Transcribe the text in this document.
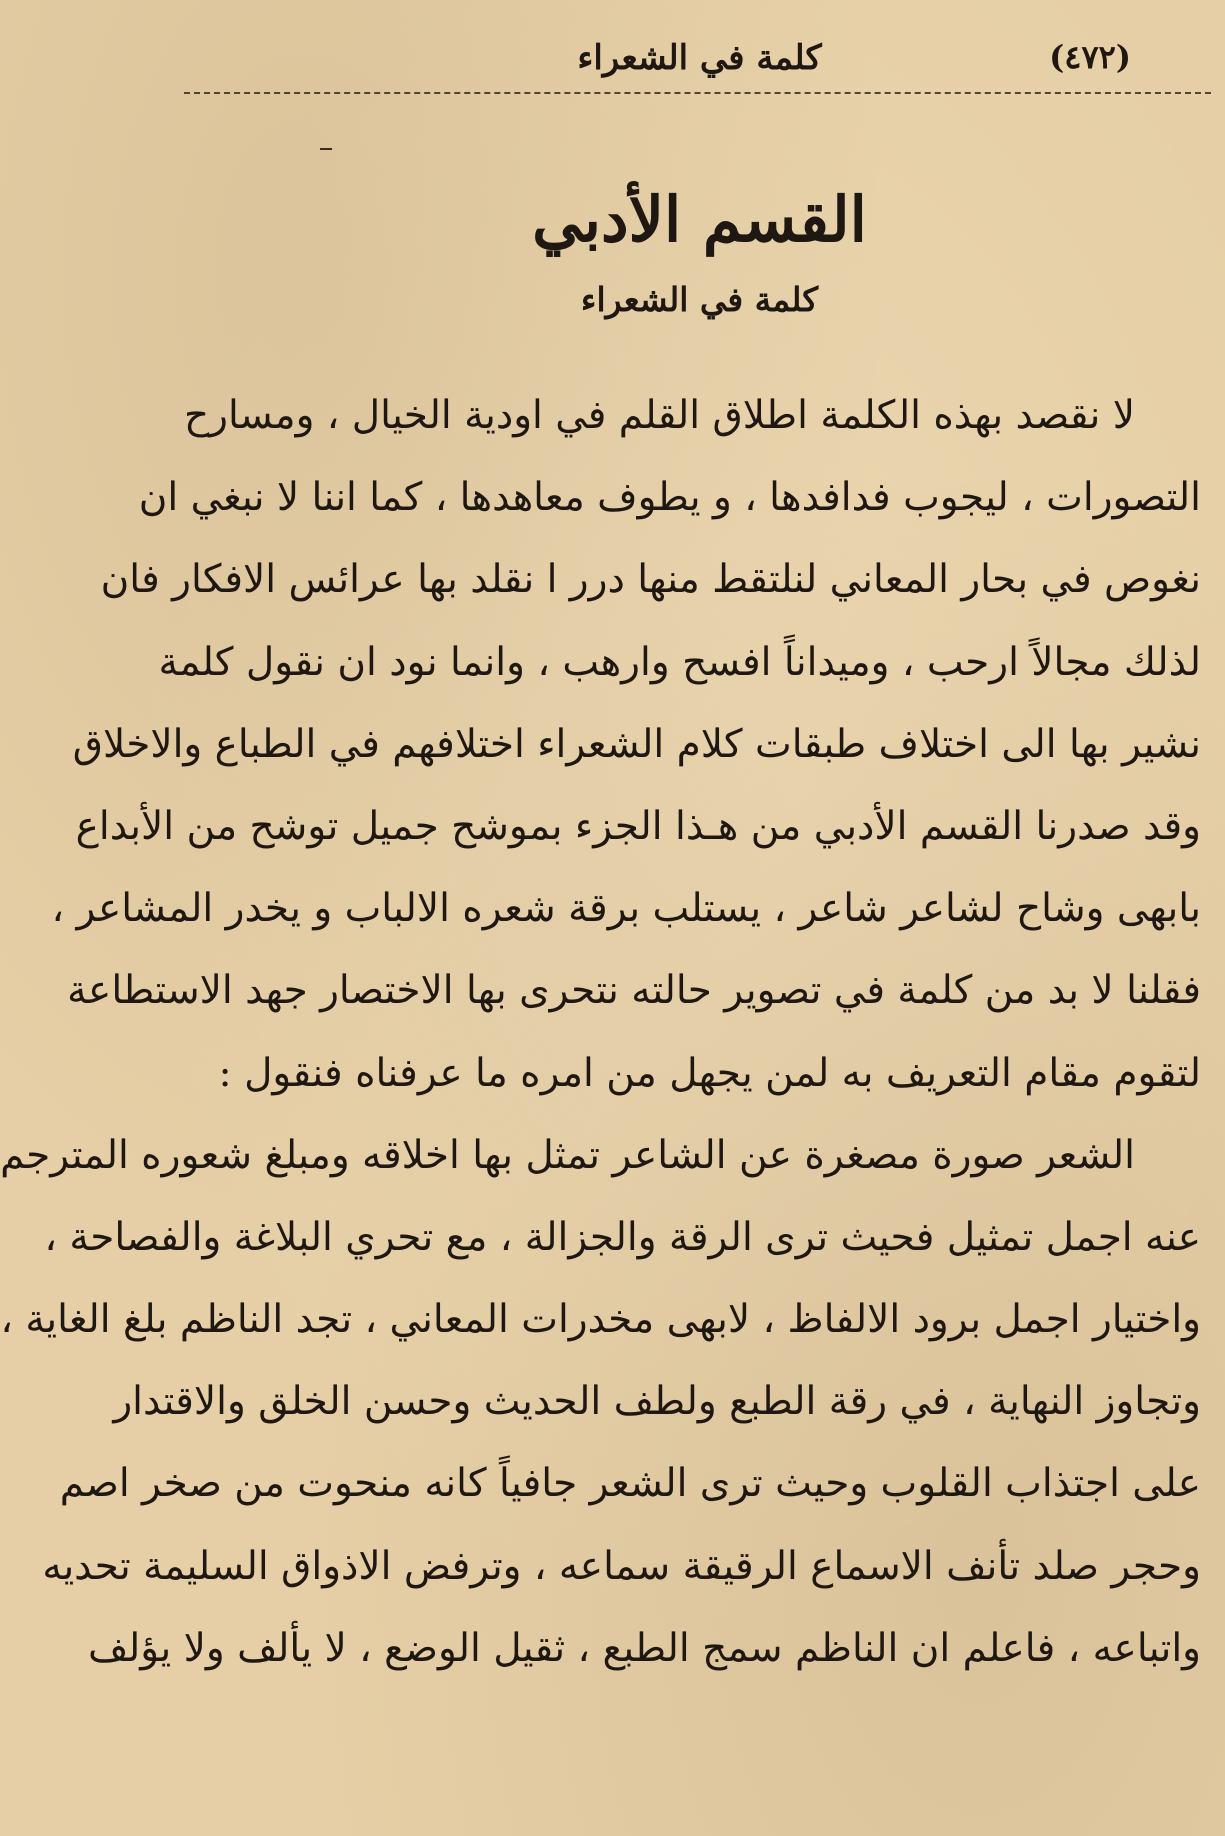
(٤٧٢)
كلمة في الشعراء
القسم الأدبي
كلمة في الشعراء
لا نقصد بهذه الكلمة اطلاق القلم في اودية الخيال ، ومسارح
التصورات ، ليجوب فدافدها ، و يطوف معاهدها ، كما اننا لا نبغي ان
نغوص في بحار المعاني لنلتقط منها درر ا نقلد بها عرائس الافكار فان
لذلك مجالاً ارحب ، وميداناً افسح وارهب ، وانما نود ان نقول كلمة
نشير بها الى اختلاف طبقات كلام الشعراء اختلافهم في الطباع والاخلاق
وقد صدرنا القسم الأدبي من هـذا الجزء بموشح جميل توشح من الأبداع
بابهى وشاح لشاعر شاعر ، يستلب برقة شعره الالباب و يخدر المشاعر ،
فقلنا لا بد من كلمة في تصوير حالته نتحرى بها الاختصار جهد الاستطاعة
لتقوم مقام التعريف به لمن يجهل من امره ما عرفناه فنقول :
الشعر صورة مصغرة عن الشاعر تمثل بها اخلاقه ومبلغ شعوره المترجم
عنه اجمل تمثيل فحيث ترى الرقة والجزالة ، مع تحري البلاغة والفصاحة ،
واختيار اجمل برود الالفاظ ، لابهى مخدرات المعاني ، تجد الناظم بلغ الغاية ،
وتجاوز النهاية ، في رقة الطبع ولطف الحديث وحسن الخلق والاقتدار
على اجتذاب القلوب وحيث ترى الشعر جافياً كانه منحوت من صخر اصم
وحجر صلد تأنف الاسماع الرقيقة سماعه ، وترفض الاذواق السليمة تحديه
واتباعه ، فاعلم ان الناظم سمج الطبع ، ثقيل الوضع ، لا يألف ولا يؤلف
